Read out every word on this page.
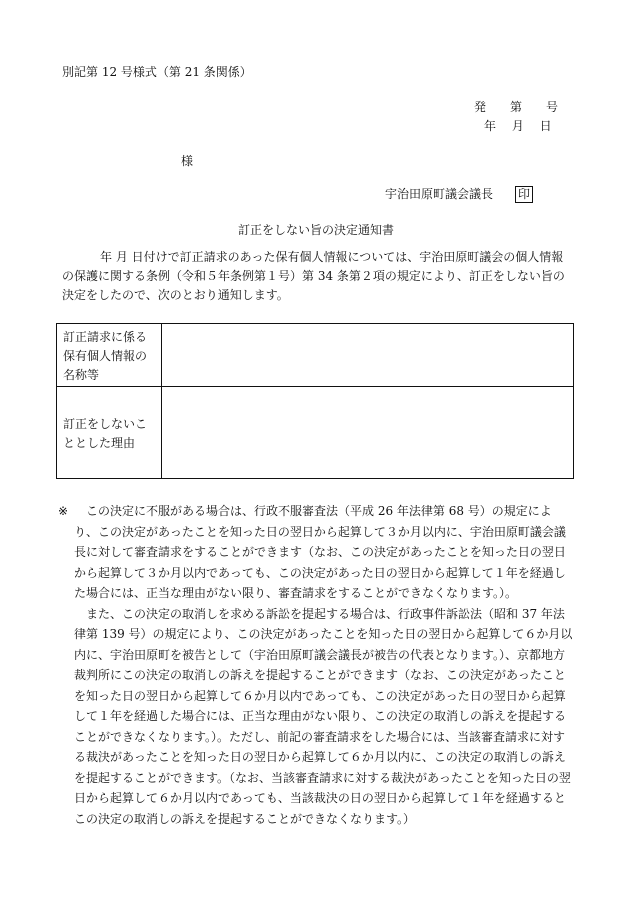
別記第 12 号様式（第 21 条関係）
発　　第　　号
年　 月　 日
様
宇治田原町議会議長 印
訂正をしない旨の決定通知書
年 月 日付けで訂正請求のあった保有個人情報については、宇治田原町議会の個人情報の保護に関する条例（令和５年条例第１号）第 34 条第２項の規定により、訂正をしない旨の決定をしたので、次のとおり通知します。
訂正請求に係る保有個人情報の名称等	
訂正をしないこととした理由	
※	この決定に不服がある場合は、行政不服審査法（平成 26 年法律第 68 号）の規定により、この決定があったことを知った日の翌日から起算して３か月以内に、宇治田原町議会議長に対して審査請求をすることができます（なお、この決定があったことを知った日の翌日から起算して３か月以内であっても、この決定があった日の翌日から起算して１年を経過した場合には、正当な理由がない限り、審査請求をすることができなくなります。）。
また、この決定の取消しを求める訴訟を提起する場合は、行政事件訴訟法（昭和 37 年法律第 139 号）の規定により、この決定があったことを知った日の翌日から起算して６か月以内に、宇治田原町を被告として（宇治田原町議会議長が被告の代表となります。）、京都地方裁判所にこの決定の取消しの訴えを提起することができます（なお、この決定があったことを知った日の翌日から起算して６か月以内であっても、この決定があった日の翌日から起算して１年を経過した場合には、正当な理由がない限り、この決定の取消しの訴えを提起することができなくなります。）。ただし、前記の審査請求をした場合には、当該審査請求に対する裁決があったことを知った日の翌日から起算して６か月以内に、この決定の取消しの訴えを提起することができます。（なお、当該審査請求に対する裁決があったことを知った日の翌日から起算して６か月以内であっても、当該裁決の日の翌日から起算して１年を経過するとこの決定の取消しの訴えを提起することができなくなります。）
